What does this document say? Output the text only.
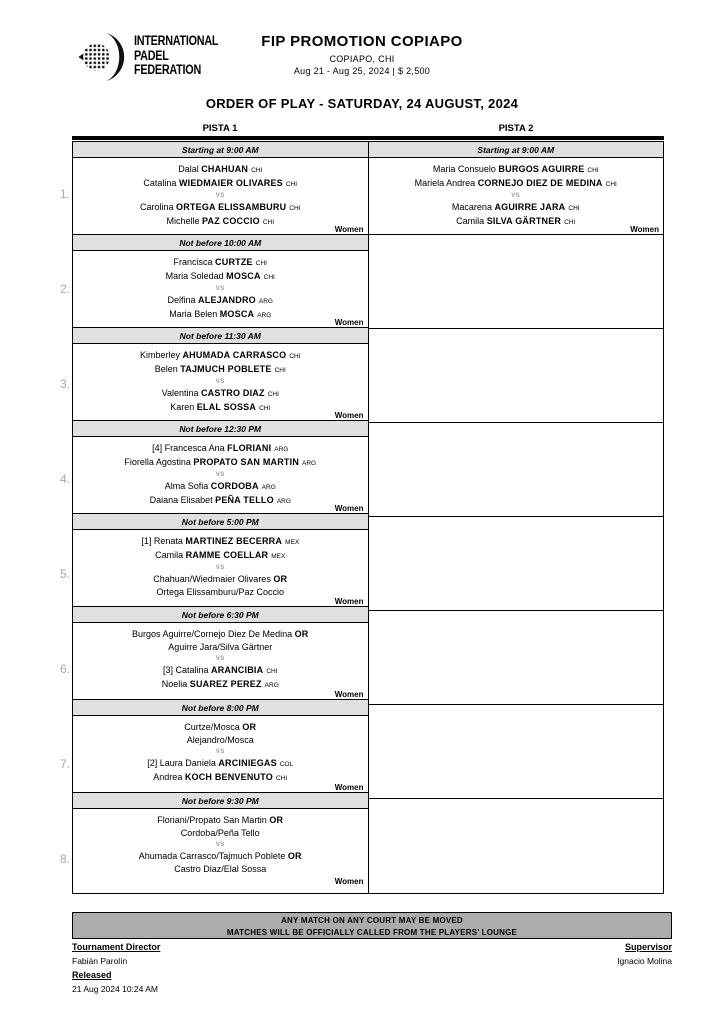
INTERNATIONAL
PADEL
FEDERATION
FIP PROMOTION COPIAPO
COPIAPO, CHI
Aug 21 - Aug 25, 2024 | $ 2,500
ORDER OF PLAY - SATURDAY, 24 AUGUST, 2024
PISTA 1	PISTA 2
Starting at 9:00 AM
Dalal CHAHUAN CHI
Catalina WIEDMAIER OLIVARES CHI
VS
Carolina ORTEGA ELISSAMBURU CHI
Michelle PAZ COCCIO CHI
Women
Not before 10:00 AM
Francisca CURTZE CHI
Maria Soledad MOSCA CHI
VS
Delfina ALEJANDRO ARG
Maria Belen MOSCA ARG
Women
Not before 11:30 AM
Kimberley AHUMADA CARRASCO CHI
Belen TAJMUCH POBLETE CHI
VS
Valentina CASTRO DIAZ CHI
Karen ELAL SOSSA CHI
Women
Not before 12:30 PM
[4] Francesca Ana FLORIANI ARG
Fiorella Agostina PROPATO SAN MARTIN ARG
VS
Alma Sofia CORDOBA ARG
Daiana Elisabet PEÑA TELLO ARG
Women
Not before 5:00 PM
[1] Renata MARTINEZ BECERRA MEX
Camila RAMME COELLAR MEX
VS
Chahuan/Wiedmaier Olivares OR
Ortega Elissamburu/Paz Coccio
Women
Not before 6:30 PM
Burgos Aguirre/Cornejo Diez De Medina OR
Aguirre Jara/Silva Gärtner
VS
[3] Catalina ARANCIBIA CHI
Noelia SUAREZ PEREZ ARG
Women
Not before 8:00 PM
Curtze/Mosca OR
Alejandro/Mosca
VS
[2] Laura Daniela ARCINIEGAS COL
Andrea KOCH BENVENUTO CHI
Women
Not before 9:30 PM
Floriani/Propato San Martin OR
Cordoba/Peña Tello
VS
Ahumada Carrasco/Tajmuch Poblete OR
Castro Diaz/Elal Sossa
Women
Starting at 9:00 AM
Maria Consuelo BURGOS AGUIRRE CHI
Mariela Andrea CORNEJO DIEZ DE MEDINA CHI
VS
Macarena AGUIRRE JARA CHI
Camila SILVA GÄRTNER CHI
Women
1.
2.
3.
4.
5.
6.
7.
8.
ANY MATCH ON ANY COURT MAY BE MOVED
MATCHES WILL BE OFFICIALLY CALLED FROM THE PLAYERS’ LOUNGE
Tournament Director
Fabián Parolín
Released
21 Aug 2024 10:24 AM
Supervisor
Ignacio Molina
